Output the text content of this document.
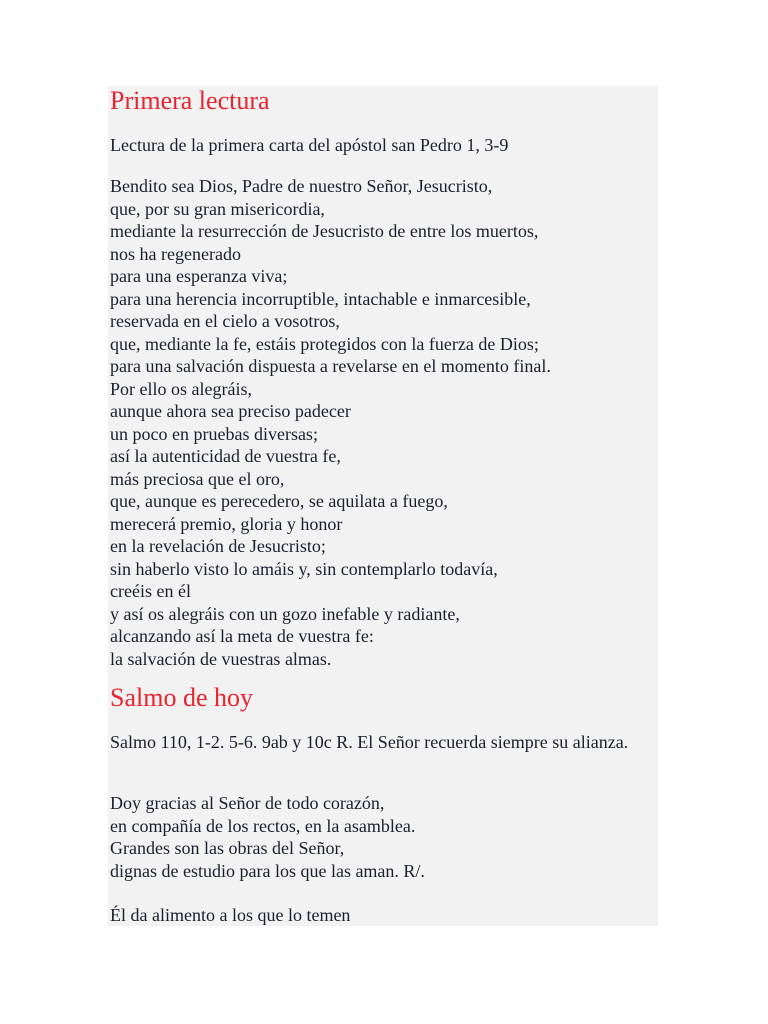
Primera lectura

Lectura de la primera carta del apóstol san Pedro 1, 3-9

Bendito sea Dios, Padre de nuestro Señor, Jesucristo,
que, por su gran misericordia,
mediante la resurrección de Jesucristo de entre los muertos,
nos ha regenerado
para una esperanza viva;
para una herencia incorruptible, intachable e inmarcesible,
reservada en el cielo a vosotros,
que, mediante la fe, estáis protegidos con la fuerza de Dios;
para una salvación dispuesta a revelarse en el momento final.
Por ello os alegráis,
aunque ahora sea preciso padecer
un poco en pruebas diversas;
así la autenticidad de vuestra fe,
más preciosa que el oro,
que, aunque es perecedero, se aquilata a fuego,
merecerá premio, gloria y honor
en la revelación de Jesucristo;
sin haberlo visto lo amáis y, sin contemplarlo todavía,
creéis en él
y así os alegráis con un gozo inefable y radiante,
alcanzando así la meta de vuestra fe:
la salvación de vuestras almas.
Salmo de hoy

Salmo 110, 1-2. 5-6. 9ab y 10c R. El Señor recuerda siempre su alianza.

Doy gracias al Señor de todo corazón,
en compañía de los rectos, en la asamblea.
Grandes son las obras del Señor,
dignas de estudio para los que las aman. R/.
Él da alimento a los que lo temen
